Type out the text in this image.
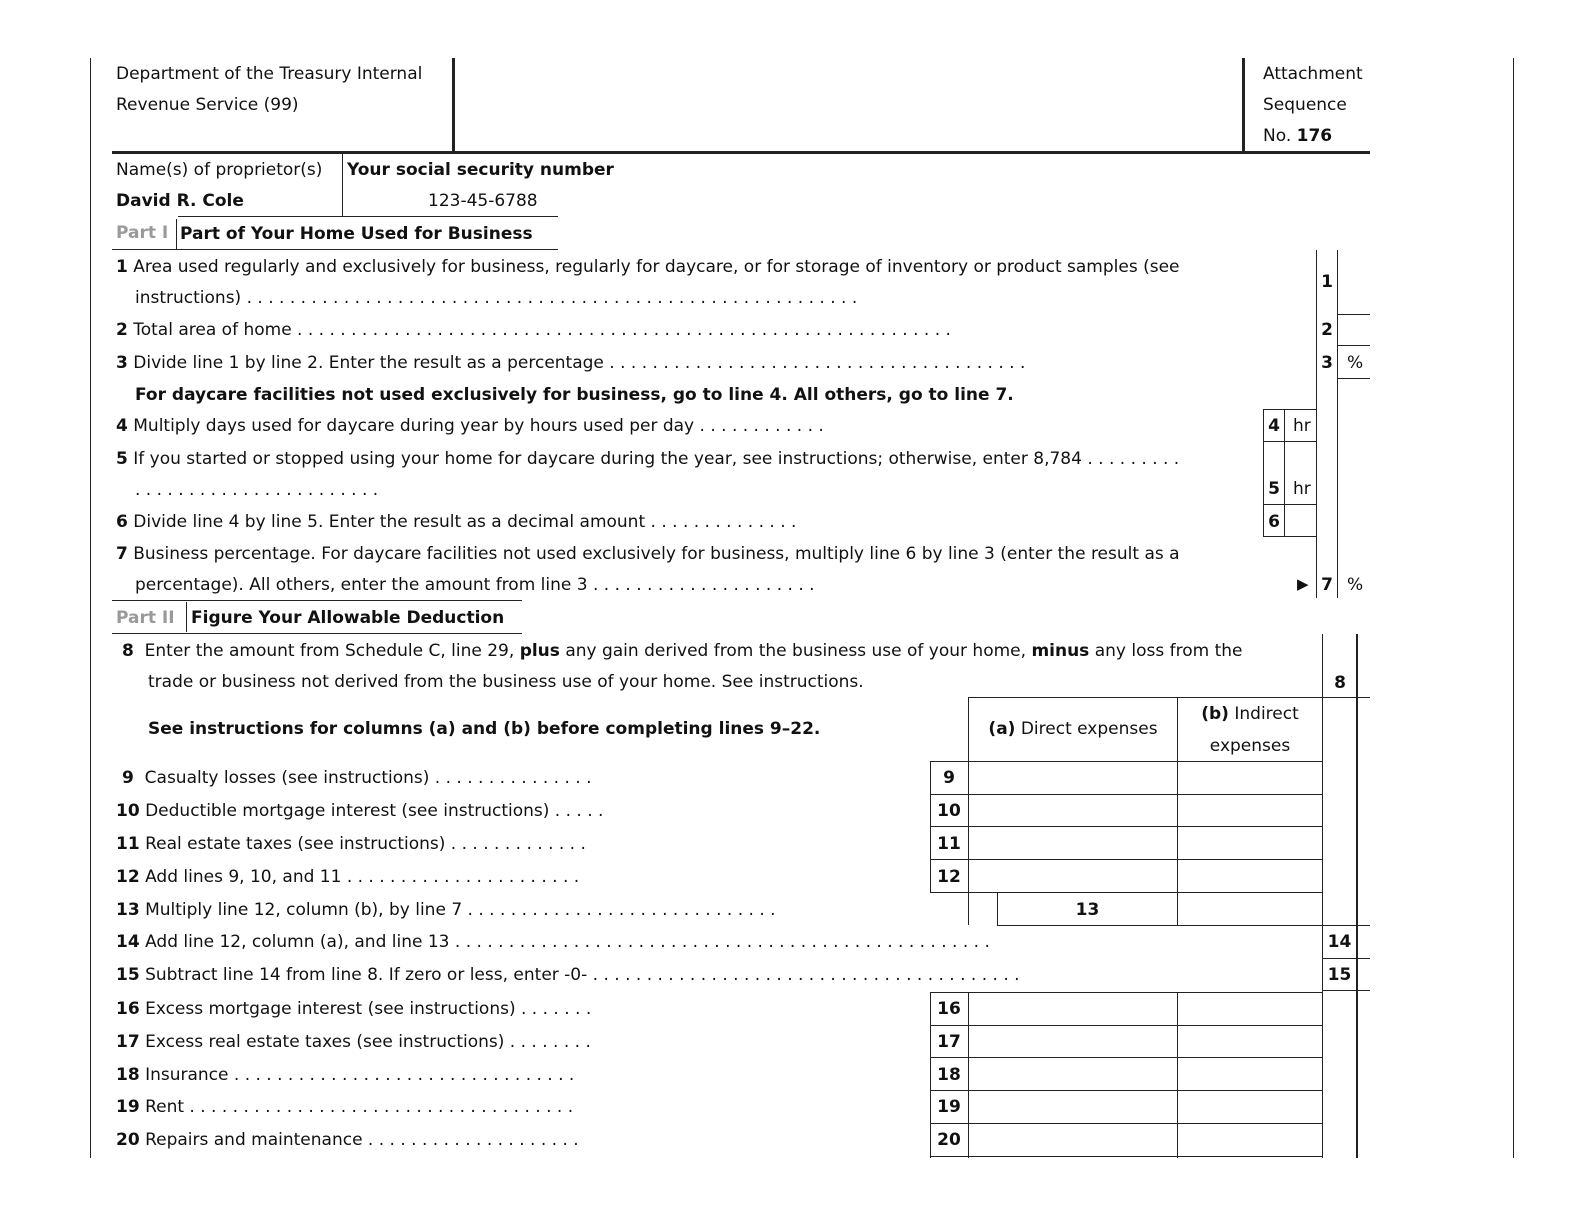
Department of the Treasury Internal
Revenue Service (99)
Attachment
Sequence
No. 176
Name(s) of proprietor(s) Your social security number
David R. Cole	123-45-6788
Part I Part of Your Home Used for Business
1 Area used regularly and exclusively for business, regularly for daycare, or for storage of inventory or product samples (see
instructions) . . . . . . . . . . . . . . . . . . . . . . . . . . . . . . . . . . . . . . . . . . . . . . . . . . . . . . . . .
1
2 Total area of home . . . . . . . . . . . . . . . . . . . . . . . . . . . . . . . . . . . . . . . . . . . . . . . . . . . . . . . . . . . . .	2
3 Divide line 1 by line 2. Enter the result as a percentage . . . . . . . . . . . . . . . . . . . . . . . . . . . . . . . . . . . . . . .	3 %
For daycare facilities not used exclusively for business, go to line 4. All others, go to line 7.
4 Multiply days used for daycare during year by hours used per day . . . . . . . . . . . .	4 hr
5 If you started or stopped using your home for daycare during the year, see instructions; otherwise, enter 8,784 . . . . . . . . .
. . . . . . . . . . . . . . . . . . . . . . .	5 hr
6 Divide line 4 by line 5. Enter the result as a decimal amount . . . . . . . . . . . . . .	6
7 Business percentage. For daycare facilities not used exclusively for business, multiply line 6 by line 3 (enter the result as a
percentage). All others, enter the amount from line 3 . . . . . . . . . . . . . . . . . . . . .	▶ 7 %
Part II Figure Your Allowable Deduction
8 Enter the amount from Schedule C, line 29, plus any gain derived from the business use of your home, minus any loss from the
trade or business not derived from the business use of your home. See instructions.	8
See instructions for columns (a) and (b) before completing lines 9–22.	(a) Direct expenses
(b) Indirect
expenses
9 Casualty losses (see instructions) . . . . . . . . . . . . . . .	9
10 Deductible mortgage interest (see instructions) . . . . .	10
11 Real estate taxes (see instructions) . . . . . . . . . . . . .	11
12 Add lines 9, 10, and 11 . . . . . . . . . . . . . . . . . . . . . .	12
13 Multiply line 12, column (b), by line 7 . . . . . . . . . . . . . . . . . . . . . . . . . . . . .	13
14 Add line 12, column (a), and line 13 . . . . . . . . . . . . . . . . . . . . . . . . . . . . . . . . . . . . . . . . . . . . . . . . . .	14
15 Subtract line 14 from line 8. If zero or less, enter -0- . . . . . . . . . . . . . . . . . . . . . . . . . . . . . . . . . . . . . . . .	15
16 Excess mortgage interest (see instructions) . . . . . . .	16
17 Excess real estate taxes (see instructions) . . . . . . . .	17
18 Insurance . . . . . . . . . . . . . . . . . . . . . . . . . . . . . . . .	18
19 Rent . . . . . . . . . . . . . . . . . . . . . . . . . . . . . . . . . . . .	19
20 Repairs and maintenance . . . . . . . . . . . . . . . . . . . .	20
